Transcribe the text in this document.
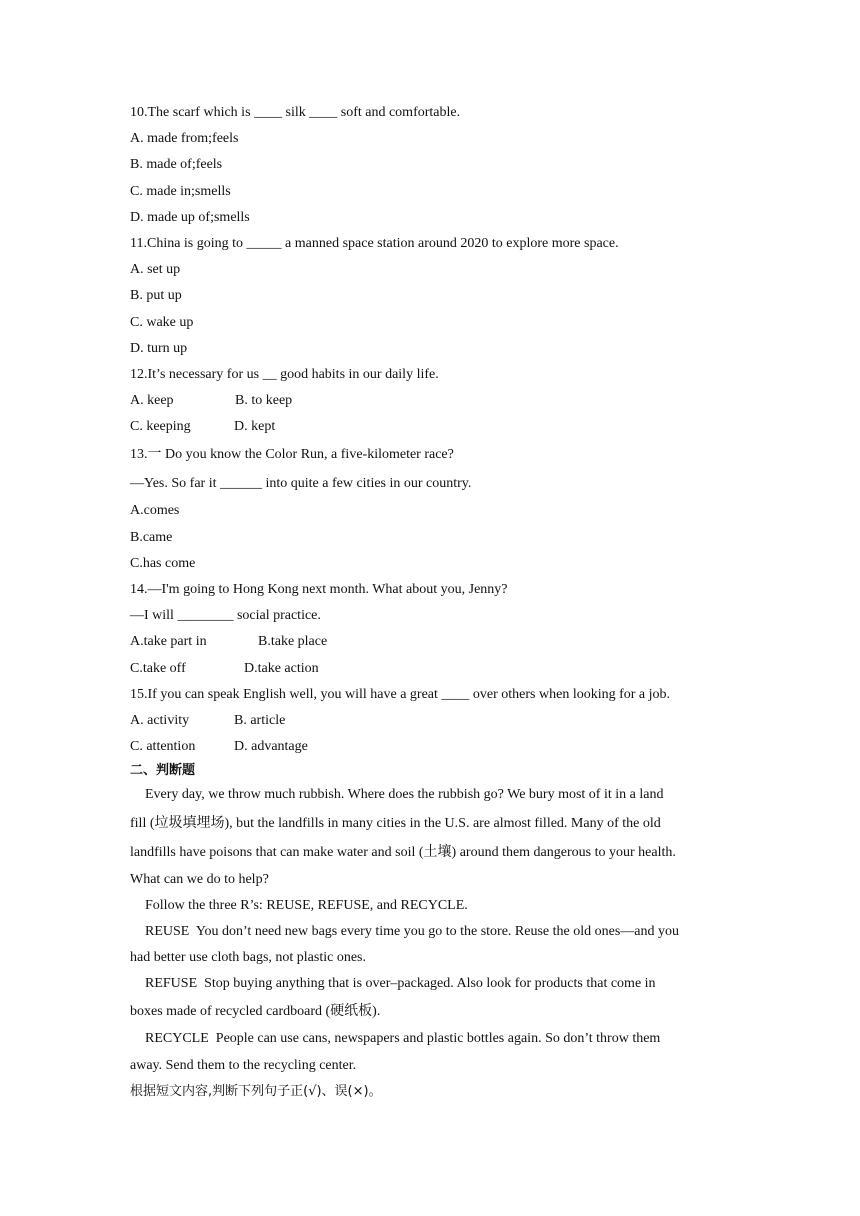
10.The scarf which is ____ silk ____ soft and comfortable.
A. made from;feels
B. made of;feels
C. made in;smells
D. made up of;smells
11.China is going to _____ a manned space station around 2020 to explore more space.
A. set up
B. put up
C. wake up
D. turn up
12.It’s necessary for us __ good habits in our daily life.
A. keep	B. to keep
C. keeping	D. kept
13.一 Do you know the Color Run, a five-kilometer race?
—Yes. So far it ______ into quite a few cities in our country.
A.comes
B.came
C.has come
14.—I'm going to Hong Kong next month. What about you, Jenny?
—I will ________ social practice.
A.take part in	B.take place
C.take off	D.take action
15.If you can speak English well, you will have a great ____ over others when looking for a job.
A. activity	B. article
C. attention	D. advantage
二、判断题
Every day, we throw much rubbish. Where does the rubbish go? We bury most of it in a land
fill (垃圾填埋场), but the landfills in many cities in the U.S. are almost filled. Many of the old
landfills have poisons that can make water and soil (土壤) around them dangerous to your health.
What can we do to help?
Follow the three R’s: REUSE, REFUSE, and RECYCLE.
REUSE  You don’t need new bags every time you go to the store. Reuse the old ones—and you
had better use cloth bags, not plastic ones.
REFUSE  Stop buying anything that is over–packaged. Also look for products that come in
boxes made of recycled cardboard (硬纸板).
RECYCLE  People can use cans, newspapers and plastic bottles again. So don’t throw them
away. Send them to the recycling center.
根据短文内容,判断下列句子正(√)、误(×)。
